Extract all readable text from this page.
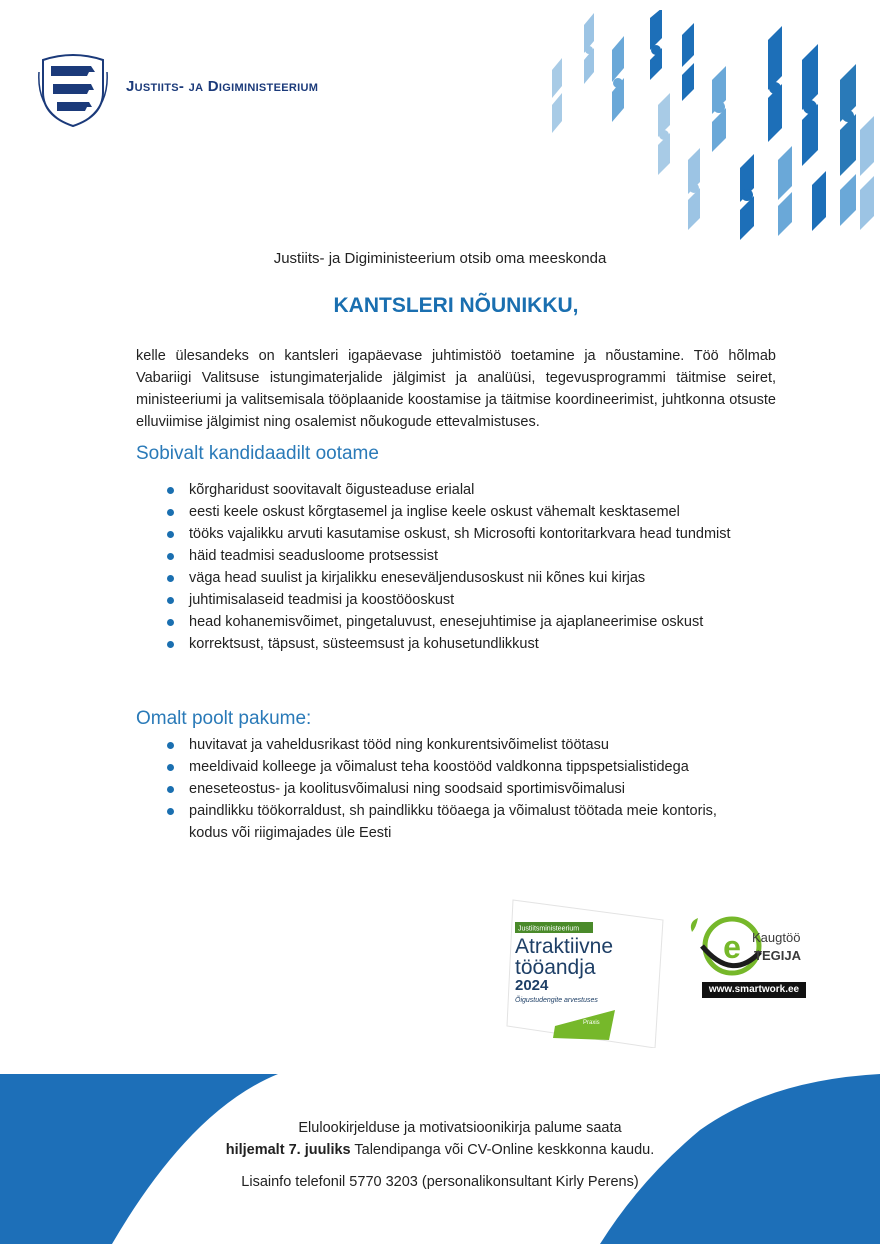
Justiits- ja Digiministeerium
Justiits- ja Digiministeerium otsib oma meeskonda
KANTSLERI NÕUNIKKU,
kelle ülesandeks on kantsleri igapäevase juhtimistöö toetamine ja nõustamine. Töö hõlmab Vabariigi Valitsuse istungimaterjalide jälgimist ja analüüsi, tegevusprogrammi täitmise seiret, ministeeriumi ja valitsemisala tööplaanide koostamise ja täitmise koordineerimist, juhtkonna otsuste elluviimise jälgimist ning osalemist nõukogude ettevalmistuses.
Sobivalt kandidaadilt ootame
kõrgharidust soovitavalt õigusteaduse erialal
eesti keele oskust kõrgtasemel ja inglise keele oskust vähemalt kesktasemel
tööks vajalikku arvuti kasutamise oskust, sh Microsofti kontoritarkvara head tundmist
häid teadmisi seadusloome protsessist
väga head suulist ja kirjalikku eneseväljendusoskust nii kõnes kui kirjas
juhtimisalaseid teadmisi ja koostööoskust
head kohanemisvõimet, pingetaluvust, enesejuhtimise ja ajaplaneerimise oskust
korrektsust, täpsust, süsteemsust ja kohusetundlikkust
Omalt poolt pakume:
huvitavat ja vaheldusrikast tööd ning konkurentsivõimelist töötasu
meeldivaid kolleege ja võimalust teha koostööd valdkonna tippspetsialistidega
eneseteostus- ja koolitusvõimalusi ning soodsaid sportimisvõimalusi
paindlikku töökorraldust, sh paindlikku tööaega ja võimalust töötada meie kontoris, kodus või riigimajades üle Eesti
Justiitsministeerium
Atraktiivne
tööandja
2024
Õigustudengite arvestuses
Praxis
e Kaugtöö
TEGIJA
www.smartwork.ee
Elulookirjelduse ja motivatsioonikirja palume saata
hiljemalt 7. juuliks Talendipanga või CV-Online keskkonna kaudu.
Lisainfo telefonil 5770 3203 (personalikonsultant Kirly Perens)
